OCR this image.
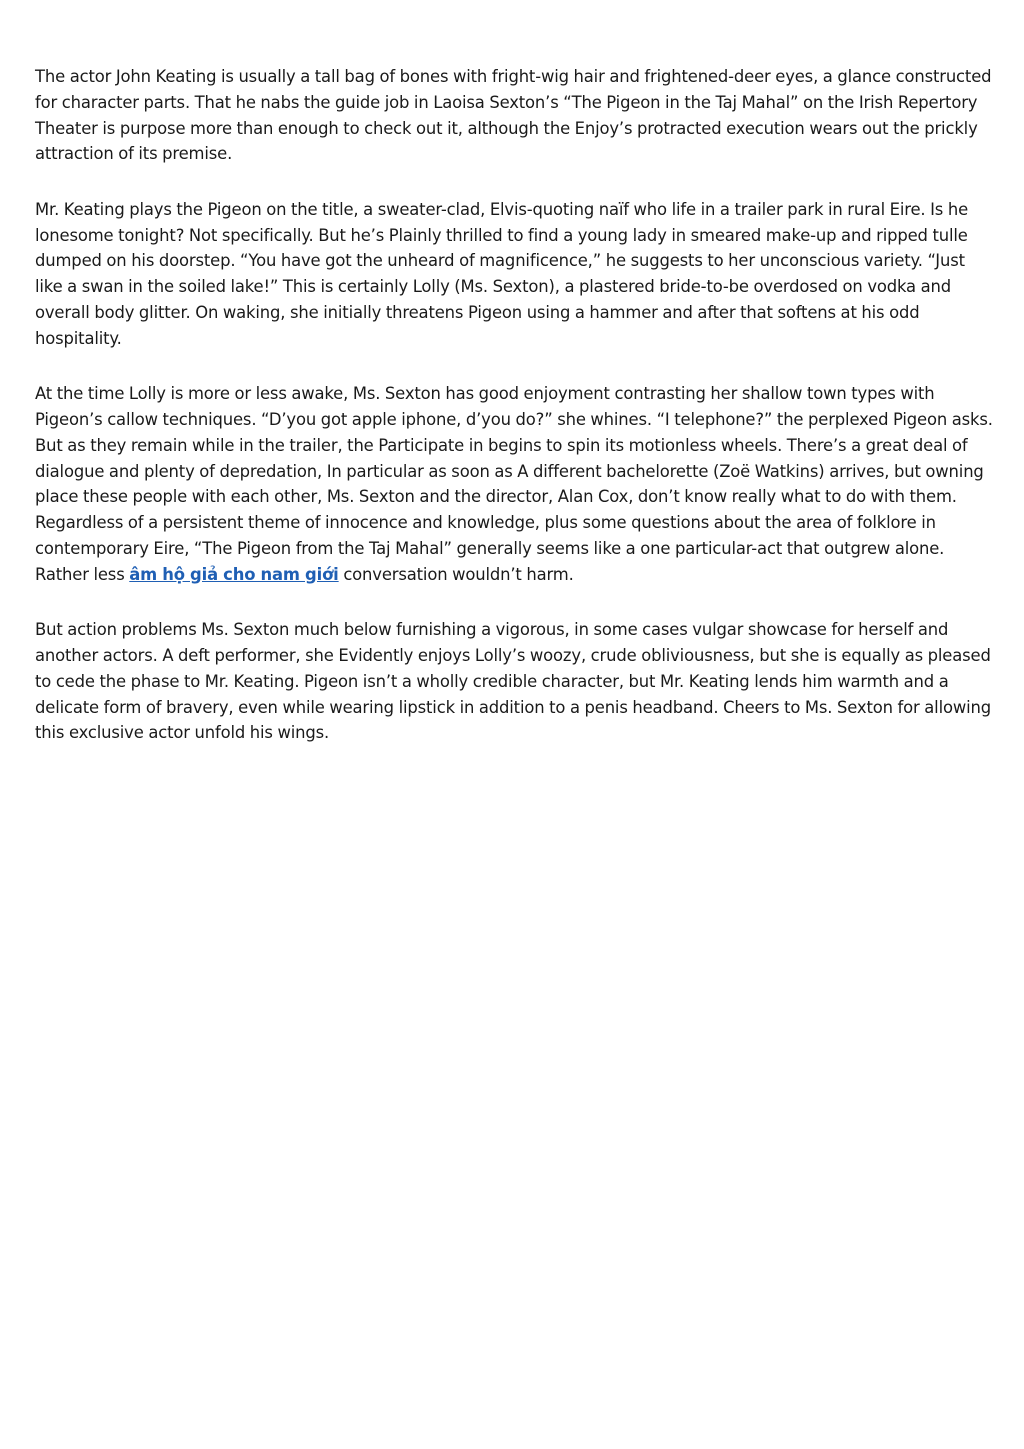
The actor John Keating is usually a tall bag of bones with fright-wig hair and frightened-deer eyes, a glance constructed for character parts. That he nabs the guide job in Laoisa Sexton’s “The Pigeon in the Taj Mahal” on the Irish Repertory Theater is purpose more than enough to check out it, although the Enjoy’s protracted execution wears out the prickly attraction of its premise.

Mr. Keating plays the Pigeon on the title, a sweater-clad, Elvis-quoting naïf who life in a trailer park in rural Eire. Is he lonesome tonight? Not specifically. But he’s Plainly thrilled to find a young lady in smeared make-up and ripped tulle dumped on his doorstep. “You have got the unheard of magnificence,” he suggests to her unconscious variety. “Just like a swan in the soiled lake!” This is certainly Lolly (Ms. Sexton), a plastered bride-to-be overdosed on vodka and overall body glitter. On waking, she initially threatens Pigeon using a hammer and after that softens at his odd hospitality.

At the time Lolly is more or less awake, Ms. Sexton has good enjoyment contrasting her shallow town types with Pigeon’s callow techniques. “D’you got apple iphone, d’you do?” she whines. “I telephone?” the perplexed Pigeon asks. But as they remain while in the trailer, the Participate in begins to spin its motionless wheels. There’s a great deal of dialogue and plenty of depredation, In particular as soon as A different bachelorette (Zoë Watkins) arrives, but owning place these people with each other, Ms. Sexton and the director, Alan Cox, don’t know really what to do with them. Regardless of a persistent theme of innocence and knowledge, plus some questions about the area of folklore in contemporary Eire, “The Pigeon from the Taj Mahal” generally seems like a one particular-act that outgrew alone. Rather less âm hộ giả cho nam giới conversation wouldn’t harm.

But action problems Ms. Sexton much below furnishing a vigorous, in some cases vulgar showcase for herself and another actors. A deft performer, she Evidently enjoys Lolly’s woozy, crude obliviousness, but she is equally as pleased to cede the phase to Mr. Keating. Pigeon isn’t a wholly credible character, but Mr. Keating lends him warmth and a delicate form of bravery, even while wearing lipstick in addition to a penis headband. Cheers to Ms. Sexton for allowing this exclusive actor unfold his wings.
